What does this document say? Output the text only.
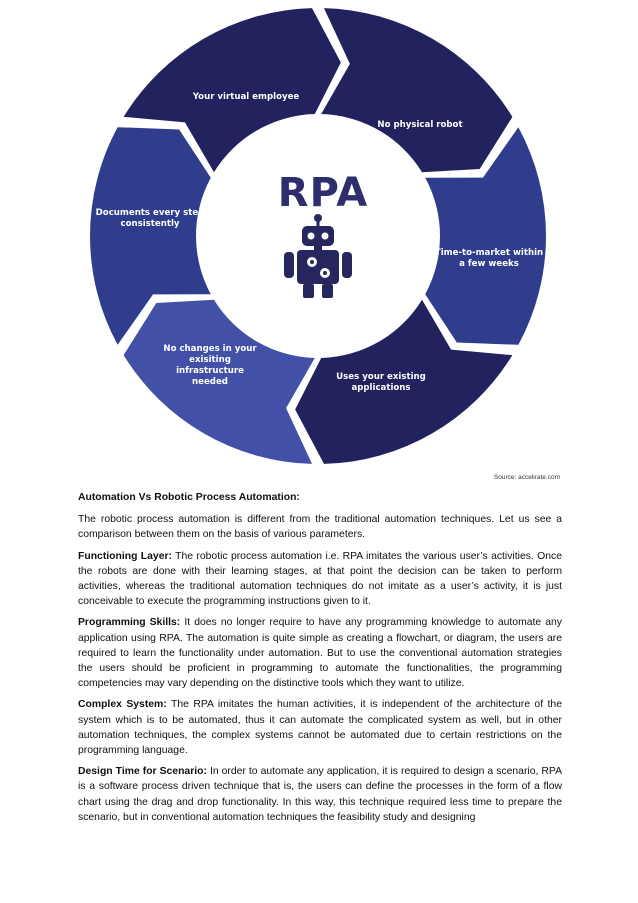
RPA
Your virtual employee
No physical robot
Time-to-market within a few weeks
Uses your existing applications
No changes in your exisiting infrastructure needed
Documents every step consistently
Source: accelirate.com
Automation Vs Robotic Process Automation:

The robotic process automation is different from the traditional automation techniques. Let us see a comparison between them on the basis of various parameters.

Functioning Layer: The robotic process automation i.e. RPA imitates the various user’s activities. Once the robots are done with their learning stages, at that point the decision can be taken to perform activities, whereas the traditional automation techniques do not imitate as a user’s activity, it is just conceivable to execute the programming instructions given to it.

Programming Skills: It does no longer require to have any programming knowledge to automate any application using RPA. The automation is quite simple as creating a flowchart, or diagram, the users are required to learn the functionality under automation. But to use the conventional automation strategies the users should be proficient in programming to automate the functionalities, the programming competencies may vary depending on the distinctive tools which they want to utilize.

Complex System: The RPA imitates the human activities, it is independent of the architecture of the system which is to be automated, thus it can automate the complicated system as well, but in other automation techniques, the complex systems cannot be automated due to certain restrictions on the programming language.

Design Time for Scenario: In order to automate any application, it is required to design a scenario, RPA is a software process driven technique that is, the users can define the processes in the form of a flow chart using the drag and drop functionality. In this way, this technique required less time to prepare the scenario, but in conventional automation techniques the feasibility study and designing
